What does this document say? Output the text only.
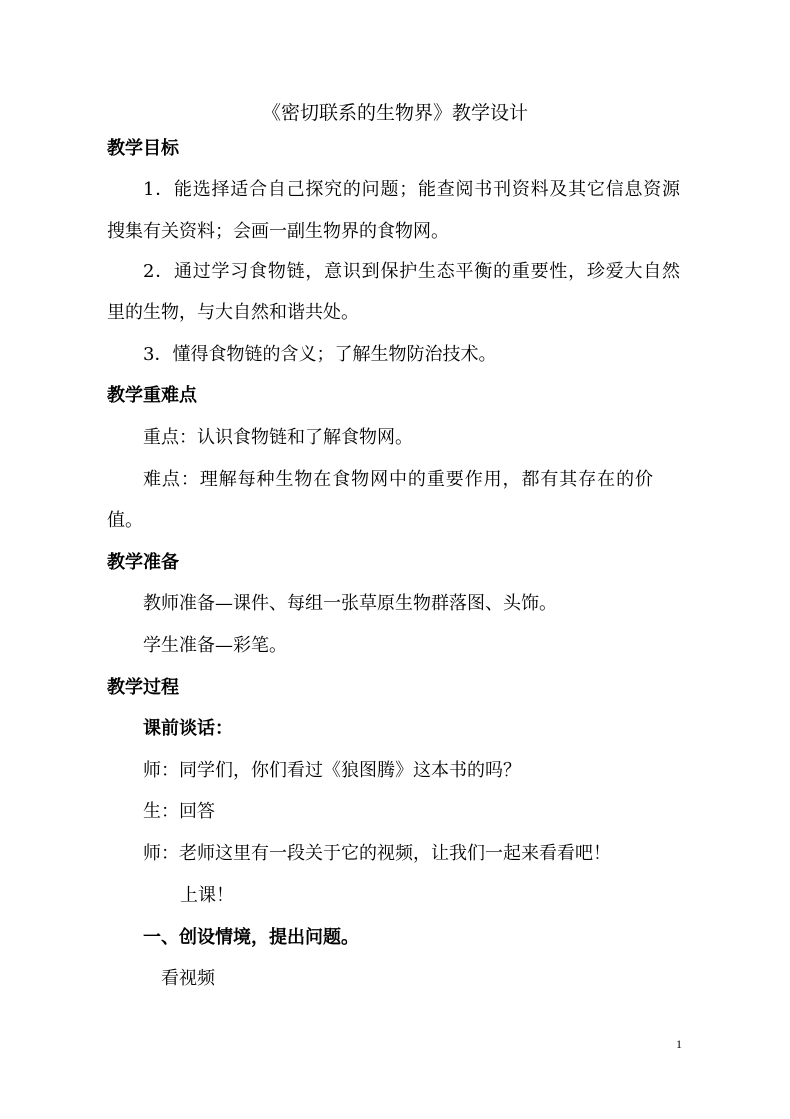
《密切联系的生物界》教学设计
教学目标
1．能选择适合自己探究的问题；能查阅书刊资料及其它信息资源
搜集有关资料；会画一副生物界的食物网。
2．通过学习食物链，意识到保护生态平衡的重要性，珍爱大自然
里的生物，与大自然和谐共处。
3．懂得食物链的含义；了解生物防治技术。
教学重难点
重点：认识食物链和了解食物网。
难点：理解每种生物在食物网中的重要作用，都有其存在的价
值。
教学准备
教师准备—课件、每组一张草原生物群落图、头饰。
学生准备—彩笔。
教学过程
课前谈话：
师：同学们，你们看过《狼图腾》这本书的吗？
生：回答
师：老师这里有一段关于它的视频，让我们一起来看看吧！
上课！
一、创设情境，提出问题。
看视频
1
